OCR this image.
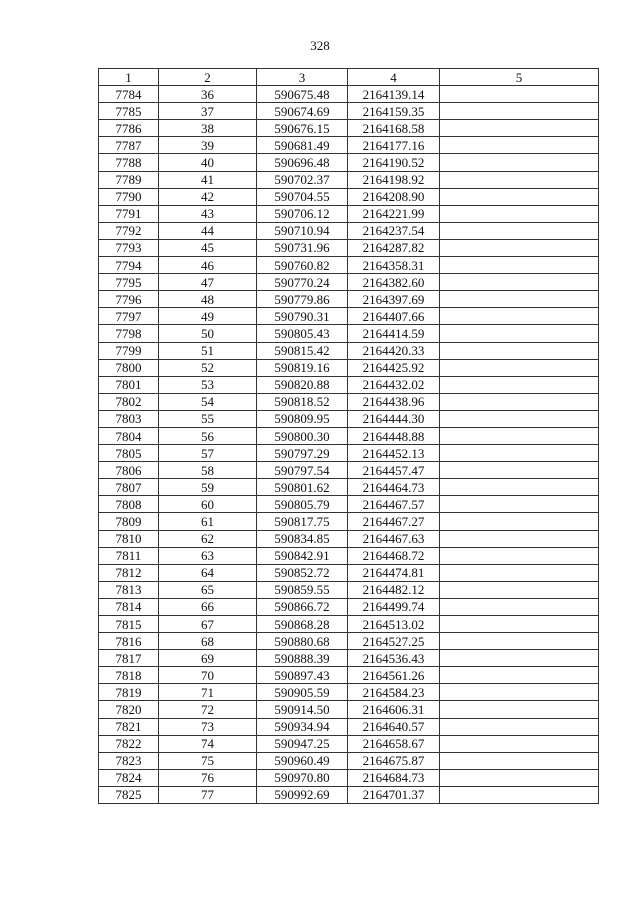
328
1	2	3	4	5
7784	36	590675.48	2164139.14	
7785	37	590674.69	2164159.35	
7786	38	590676.15	2164168.58	
7787	39	590681.49	2164177.16	
7788	40	590696.48	2164190.52	
7789	41	590702.37	2164198.92	
7790	42	590704.55	2164208.90	
7791	43	590706.12	2164221.99	
7792	44	590710.94	2164237.54	
7793	45	590731.96	2164287.82	
7794	46	590760.82	2164358.31	
7795	47	590770.24	2164382.60	
7796	48	590779.86	2164397.69	
7797	49	590790.31	2164407.66	
7798	50	590805.43	2164414.59	
7799	51	590815.42	2164420.33	
7800	52	590819.16	2164425.92	
7801	53	590820.88	2164432.02	
7802	54	590818.52	2164438.96	
7803	55	590809.95	2164444.30	
7804	56	590800.30	2164448.88	
7805	57	590797.29	2164452.13	
7806	58	590797.54	2164457.47	
7807	59	590801.62	2164464.73	
7808	60	590805.79	2164467.57	
7809	61	590817.75	2164467.27	
7810	62	590834.85	2164467.63	
7811	63	590842.91	2164468.72	
7812	64	590852.72	2164474.81	
7813	65	590859.55	2164482.12	
7814	66	590866.72	2164499.74	
7815	67	590868.28	2164513.02	
7816	68	590880.68	2164527.25	
7817	69	590888.39	2164536.43	
7818	70	590897.43	2164561.26	
7819	71	590905.59	2164584.23	
7820	72	590914.50	2164606.31	
7821	73	590934.94	2164640.57	
7822	74	590947.25	2164658.67	
7823	75	590960.49	2164675.87	
7824	76	590970.80	2164684.73	
7825	77	590992.69	2164701.37	
